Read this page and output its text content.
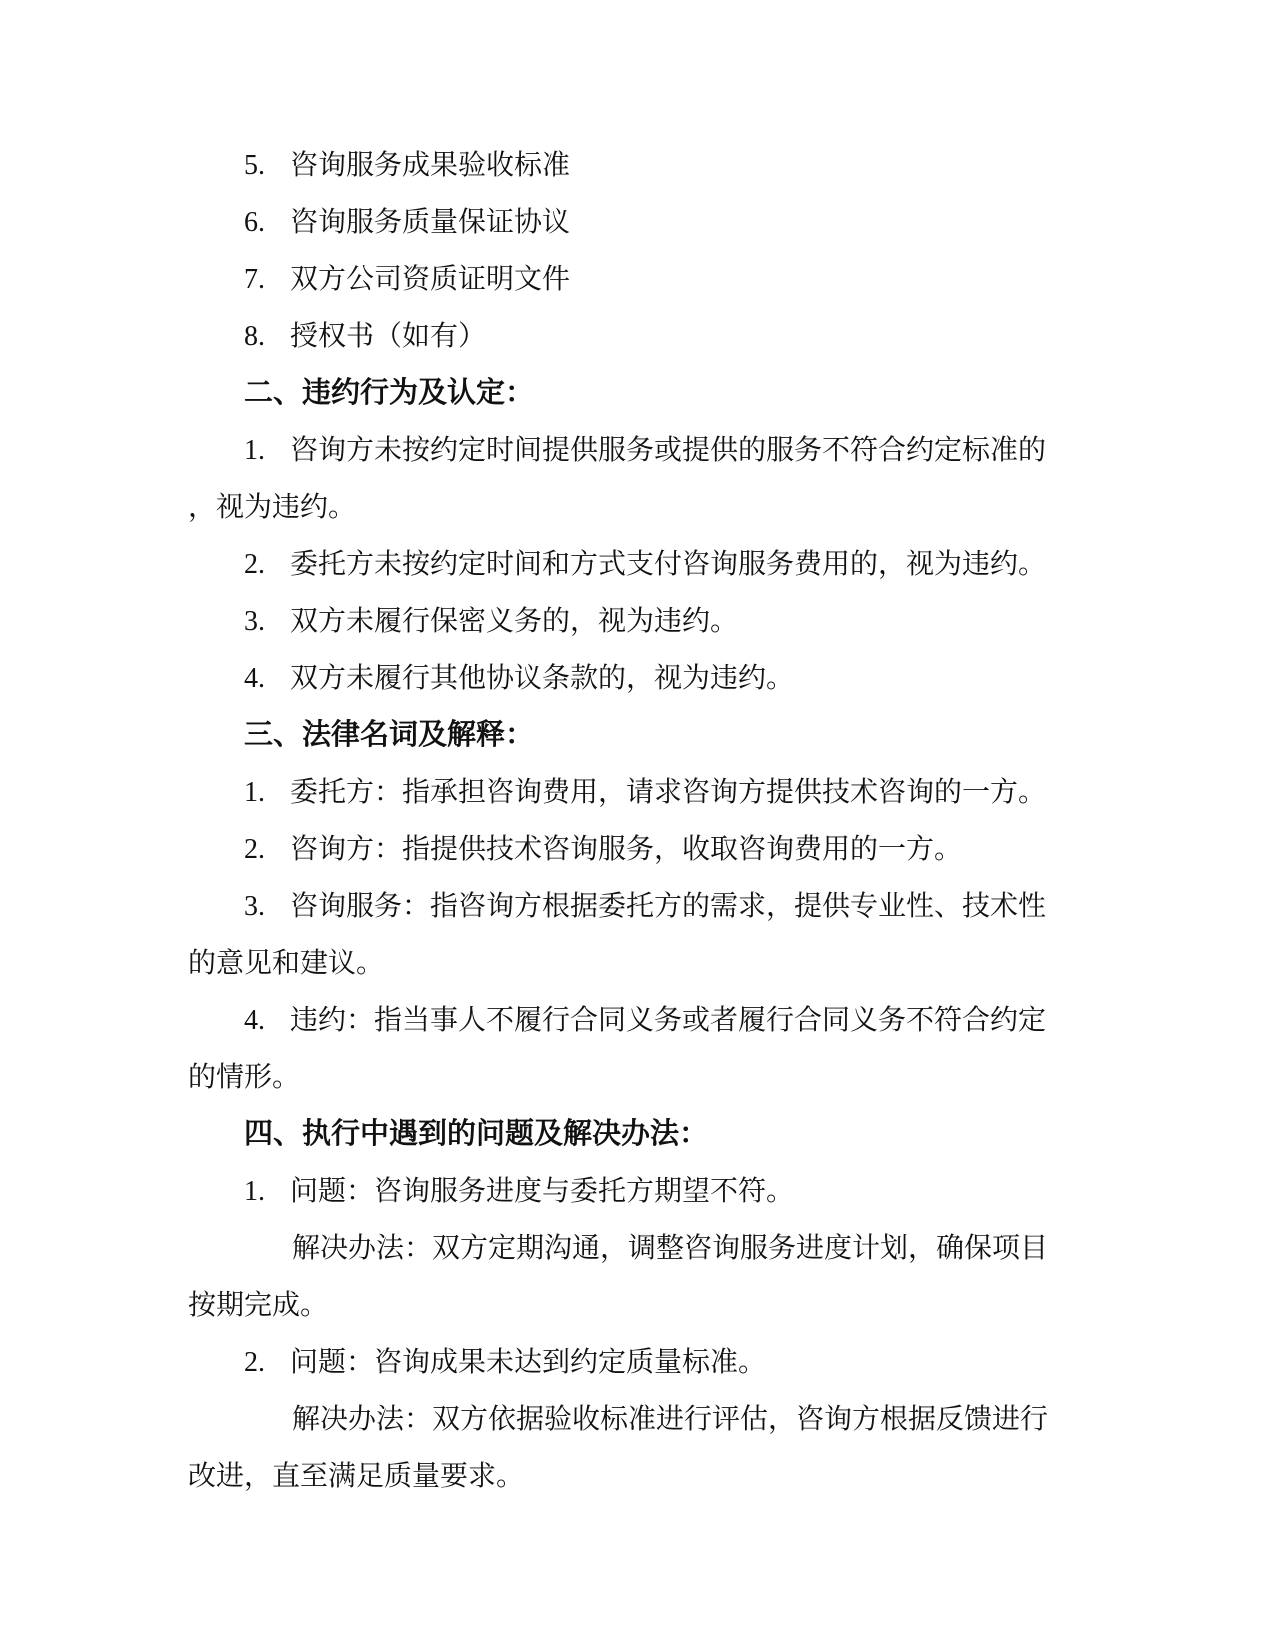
5. 咨询服务成果验收标准
6. 咨询服务质量保证协议
7. 双方公司资质证明文件
8. 授权书（如有）
二、违约行为及认定：
1. 咨询方未按约定时间提供服务或提供的服务不符合约定标准的
，视为违约。
2. 委托方未按约定时间和方式支付咨询服务费用的，视为违约。
3. 双方未履行保密义务的，视为违约。
4. 双方未履行其他协议条款的，视为违约。
三、法律名词及解释：
1. 委托方：指承担咨询费用，请求咨询方提供技术咨询的一方。
2. 咨询方：指提供技术咨询服务，收取咨询费用的一方。
3. 咨询服务：指咨询方根据委托方的需求，提供专业性、技术性
的意见和建议。
4. 违约：指当事人不履行合同义务或者履行合同义务不符合约定
的情形。
四、执行中遇到的问题及解决办法：
1. 问题：咨询服务进度与委托方期望不符。
解决办法：双方定期沟通，调整咨询服务进度计划，确保项目
按期完成。
2. 问题：咨询成果未达到约定质量标准。
解决办法：双方依据验收标准进行评估，咨询方根据反馈进行
改进，直至满足质量要求。
